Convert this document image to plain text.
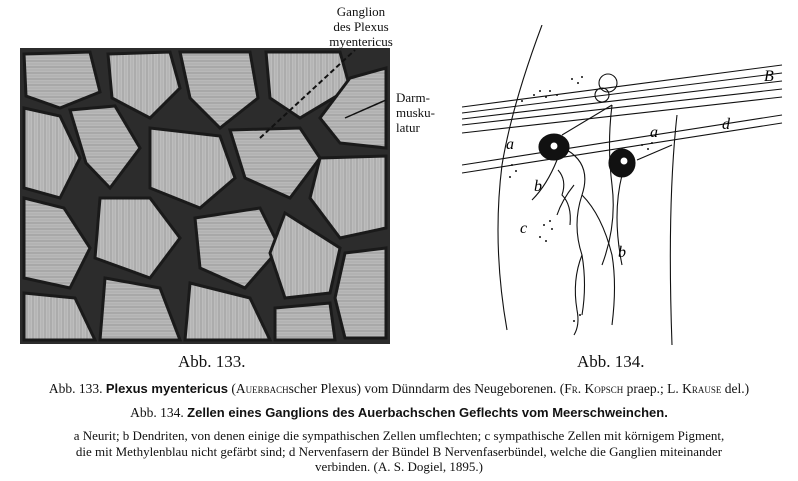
Ganglion
des Plexus
myentericus
Darm-
musku-
latur
B
d
a
a
b
c
b
Abb. 133.	Abb. 134.
Abb. 133. Plexus myentericus (Auerbachscher Plexus) vom Dünndarm des Neugeborenen. (Fr. Kopsch praep.; L. Krause del.)
Abb. 134. Zellen eines Ganglions des Auerbachschen Geflechts vom Meerschweinchen.
a Neurit; b Dendriten, von denen einige die sympathischen Zellen umflechten; c sympathische Zellen mit körnigem Pigment,
die mit Methylenblau nicht gefärbt sind; d Nervenfasern der Bündel B Nervenfaserbündel, welche die Ganglien miteinander
verbinden. (A. S. Dogiel, 1895.)
